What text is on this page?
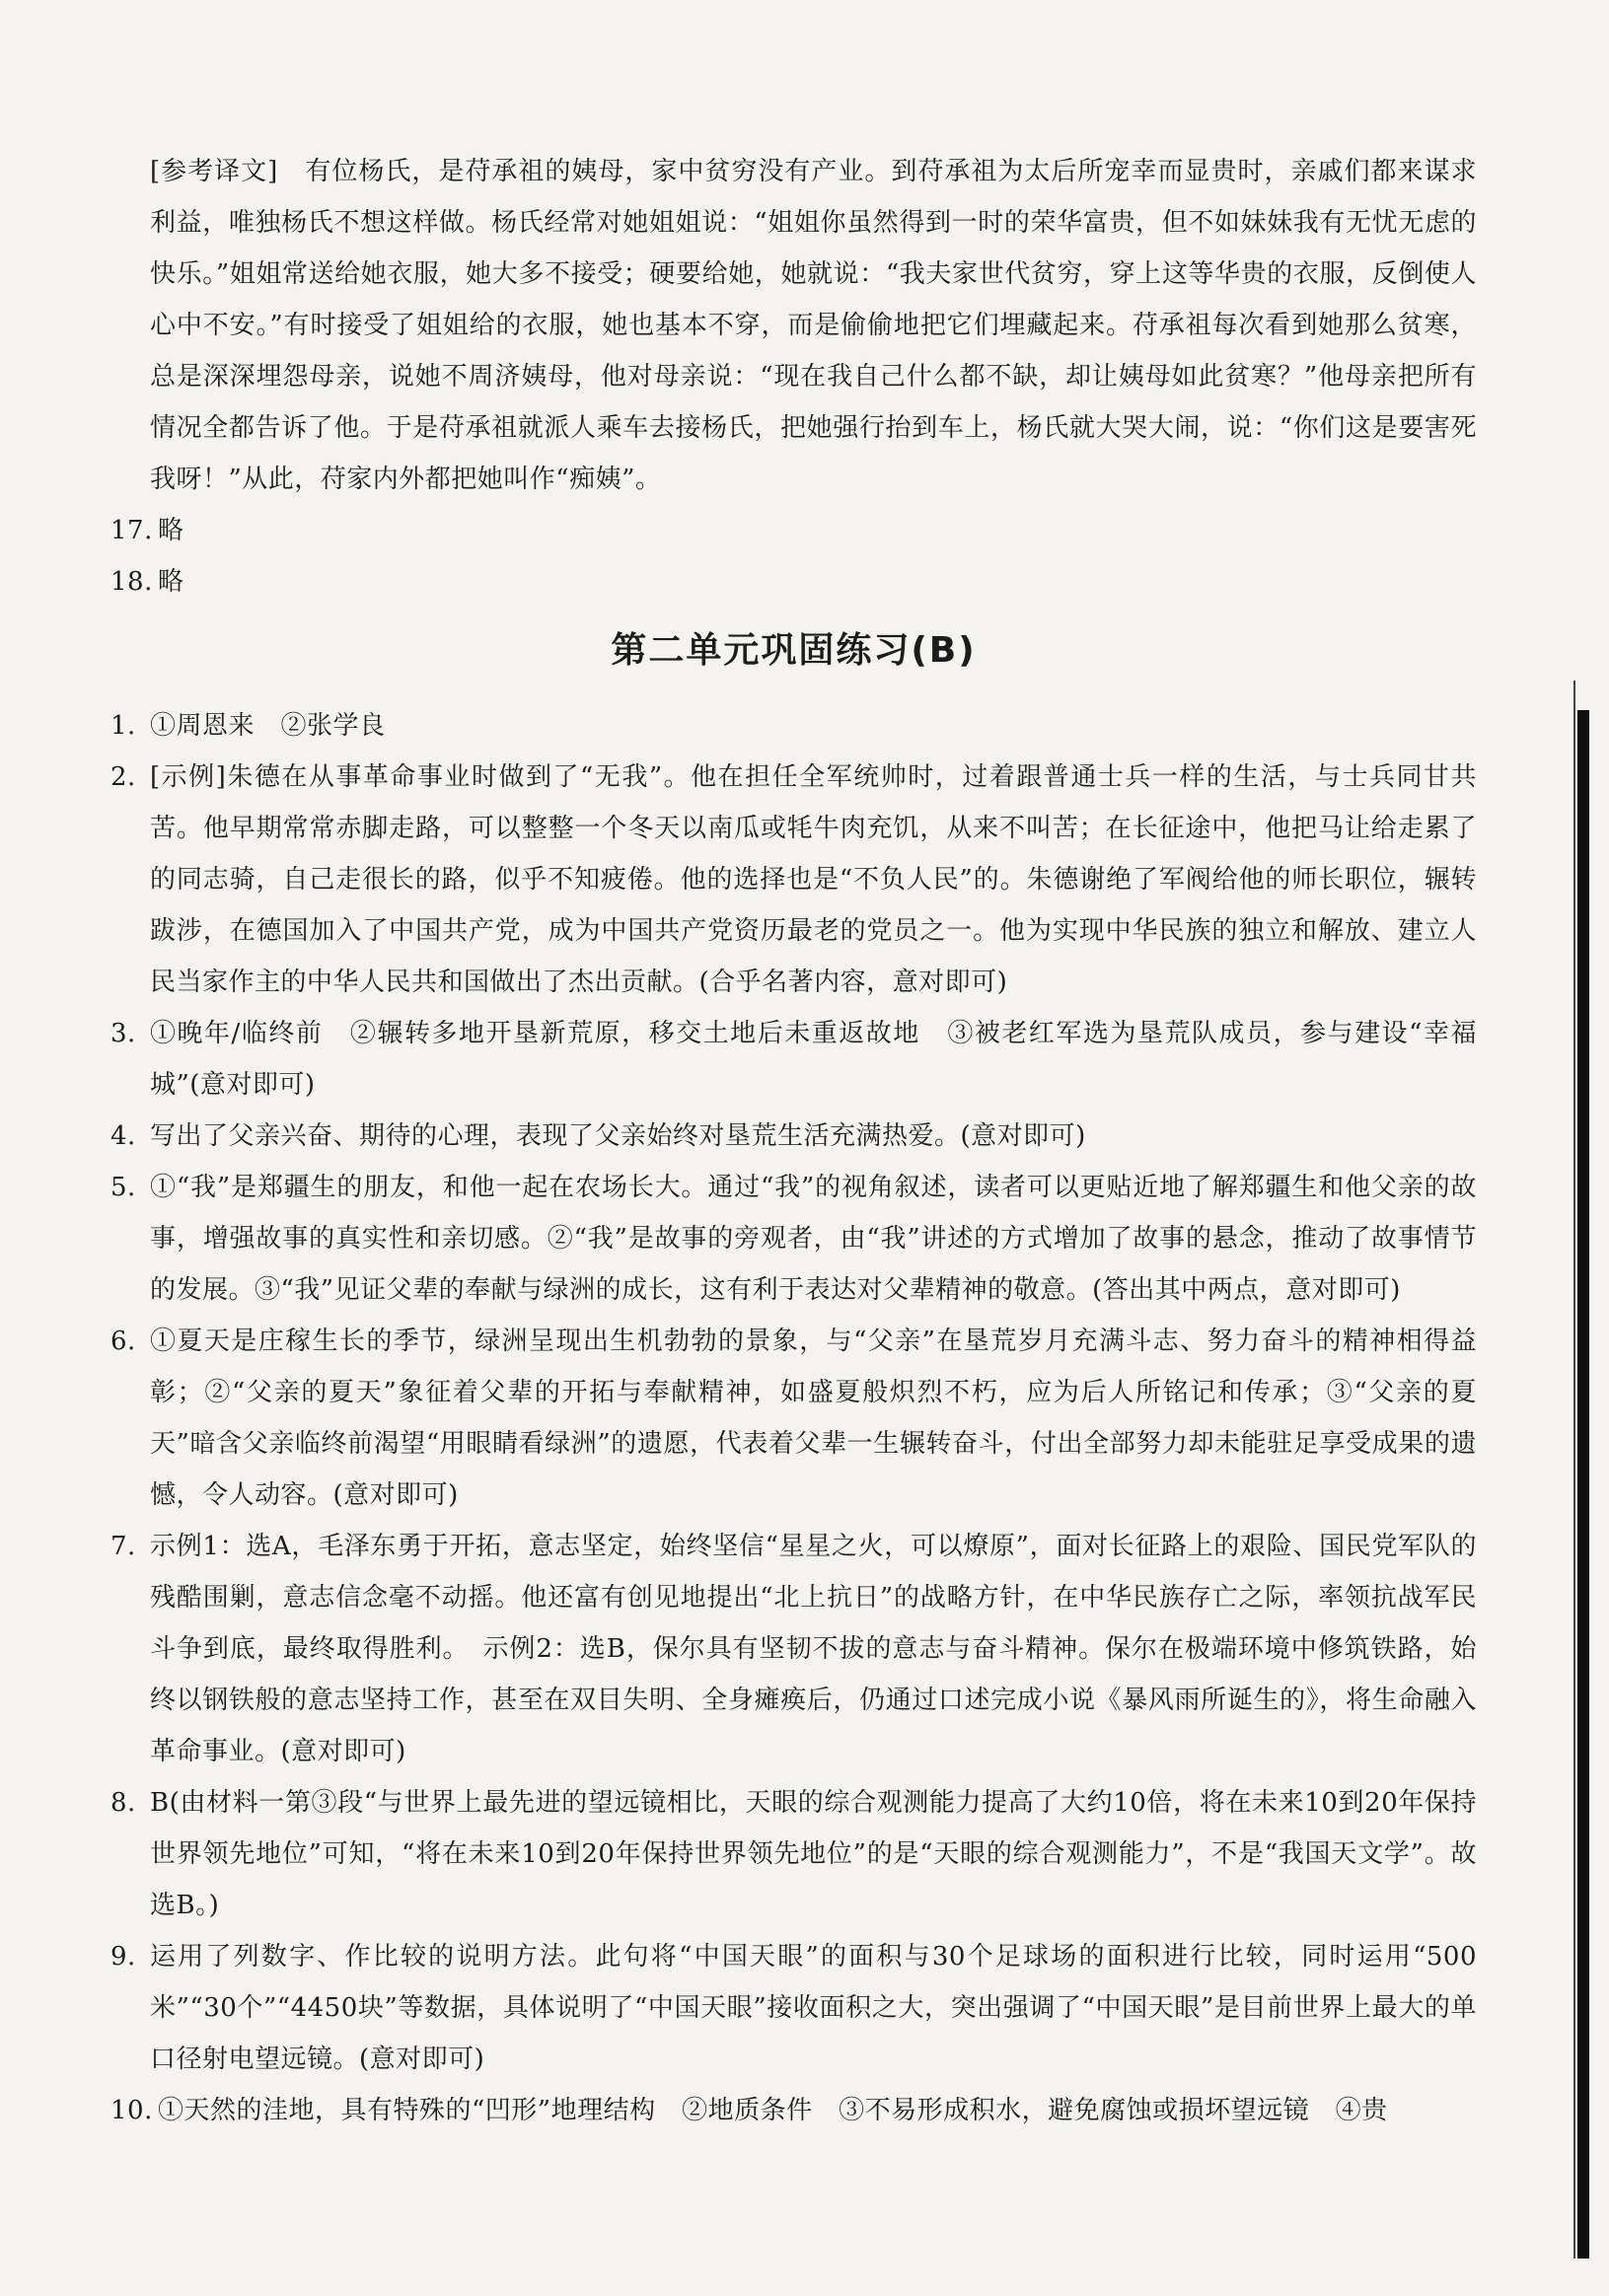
[参考译文]　 有位杨氏，是苻承祖的姨母，家中贫穷没有产业。到苻承祖为太后所宠幸而显贵时，亲戚们都来谋求利益，唯独杨氏不想这样做。杨氏经常对她姐姐说：“姐姐你虽然得到一时的荣华富贵，但不如妹妹我有无忧无虑的快乐。”姐姐常送给她衣服，她大多不接受；硬要给她，她就说：“我夫家世代贫穷，穿上这等华贵的衣服，反倒使人心中不安。”有时接受了姐姐给的衣服，她也基本不穿，而是偷偷地把它们埋藏起来。苻承祖每次看到她那么贫寒，总是深深埋怨母亲，说她不周济姨母，他对母亲说：“现在我自己什么都不缺，却让姨母如此贫寒？”他母亲把所有情况全都告诉了他。于是苻承祖就派人乘车去接杨氏，把她强行抬到车上，杨氏就大哭大闹，说：“你们这是要害死我呀！”从此，苻家内外都把她叫作“痴姨”。

17. 略
18. 略
第二单元巩固练习(B)
1. ①周恩来　②张学良
2. [示例]朱德在从事革命事业时做到了“无我”。他在担任全军统帅时，过着跟普通士兵一样的生活，与士兵同甘共苦。他早期常常赤脚走路，可以整整一个冬天以南瓜或牦牛肉充饥，从来不叫苦；在长征途中，他把马让给走累了的同志骑，自己走很长的路，似乎不知疲倦。他的选择也是“不负人民”的。朱德谢绝了军阀给他的师长职位，辗转跋涉，在德国加入了中国共产党，成为中国共产党资历最老的党员之一。他为实现中华民族的独立和解放、建立人民当家作主的中华人民共和国做出了杰出贡献。(合乎名著内容，意对即可)
3. ①晚年/临终前　②辗转多地开垦新荒原，移交土地后未重返故地　③被老红军选为垦荒队成员，参与建设“幸福城”(意对即可)
4. 写出了父亲兴奋、期待的心理，表现了父亲始终对垦荒生活充满热爱。(意对即可)
5. ①“我”是郑疆生的朋友，和他一起在农场长大。通过“我”的视角叙述，读者可以更贴近地了解郑疆生和他父亲的故事，增强故事的真实性和亲切感。②“我”是故事的旁观者，由“我”讲述的方式增加了故事的悬念，推动了故事情节的发展。③“我”见证父辈的奉献与绿洲的成长，这有利于表达对父辈精神的敬意。(答出其中两点，意对即可)
6. ①夏天是庄稼生长的季节，绿洲呈现出生机勃勃的景象，与“父亲”在垦荒岁月充满斗志、努力奋斗的精神相得益彰；②“父亲的夏天”象征着父辈的开拓与奉献精神，如盛夏般炽烈不朽，应为后人所铭记和传承；③“父亲的夏天”暗含父亲临终前渴望“用眼睛看绿洲”的遗愿，代表着父辈一生辗转奋斗，付出全部努力却未能驻足享受成果的遗憾，令人动容。(意对即可)
7. 示例1：选A，毛泽东勇于开拓，意志坚定，始终坚信“星星之火，可以燎原”，面对长征路上的艰险、国民党军队的残酷围剿，意志信念毫不动摇。他还富有创见地提出“北上抗日”的战略方针，在中华民族存亡之际，率领抗战军民斗争到底，最终取得胜利。　示例2：选B，保尔具有坚韧不拔的意志与奋斗精神。保尔在极端环境中修筑铁路，始终以钢铁般的意志坚持工作，甚至在双目失明、全身瘫痪后，仍通过口述完成小说《暴风雨所诞生的》，将生命融入革命事业。(意对即可)
8. B(由材料一第③段“与世界上最先进的望远镜相比，天眼的综合观测能力提高了大约10倍，将在未来10到20年保持世界领先地位”可知，“将在未来10到20年保持世界领先地位”的是“天眼的综合观测能力”，不是“我国天文学”。故选B。)
9. 运用了列数字、作比较的说明方法。此句将“中国天眼”的面积与30个足球场的面积进行比较，同时运用“500米”“30个”“4450块”等数据，具体说明了“中国天眼”接收面积之大，突出强调了“中国天眼”是目前世界上最大的单口径射电望远镜。(意对即可)
10. ①天然的洼地，具有特殊的“凹形”地理结构　②地质条件　③不易形成积水，避免腐蚀或损坏望远镜　④贵
